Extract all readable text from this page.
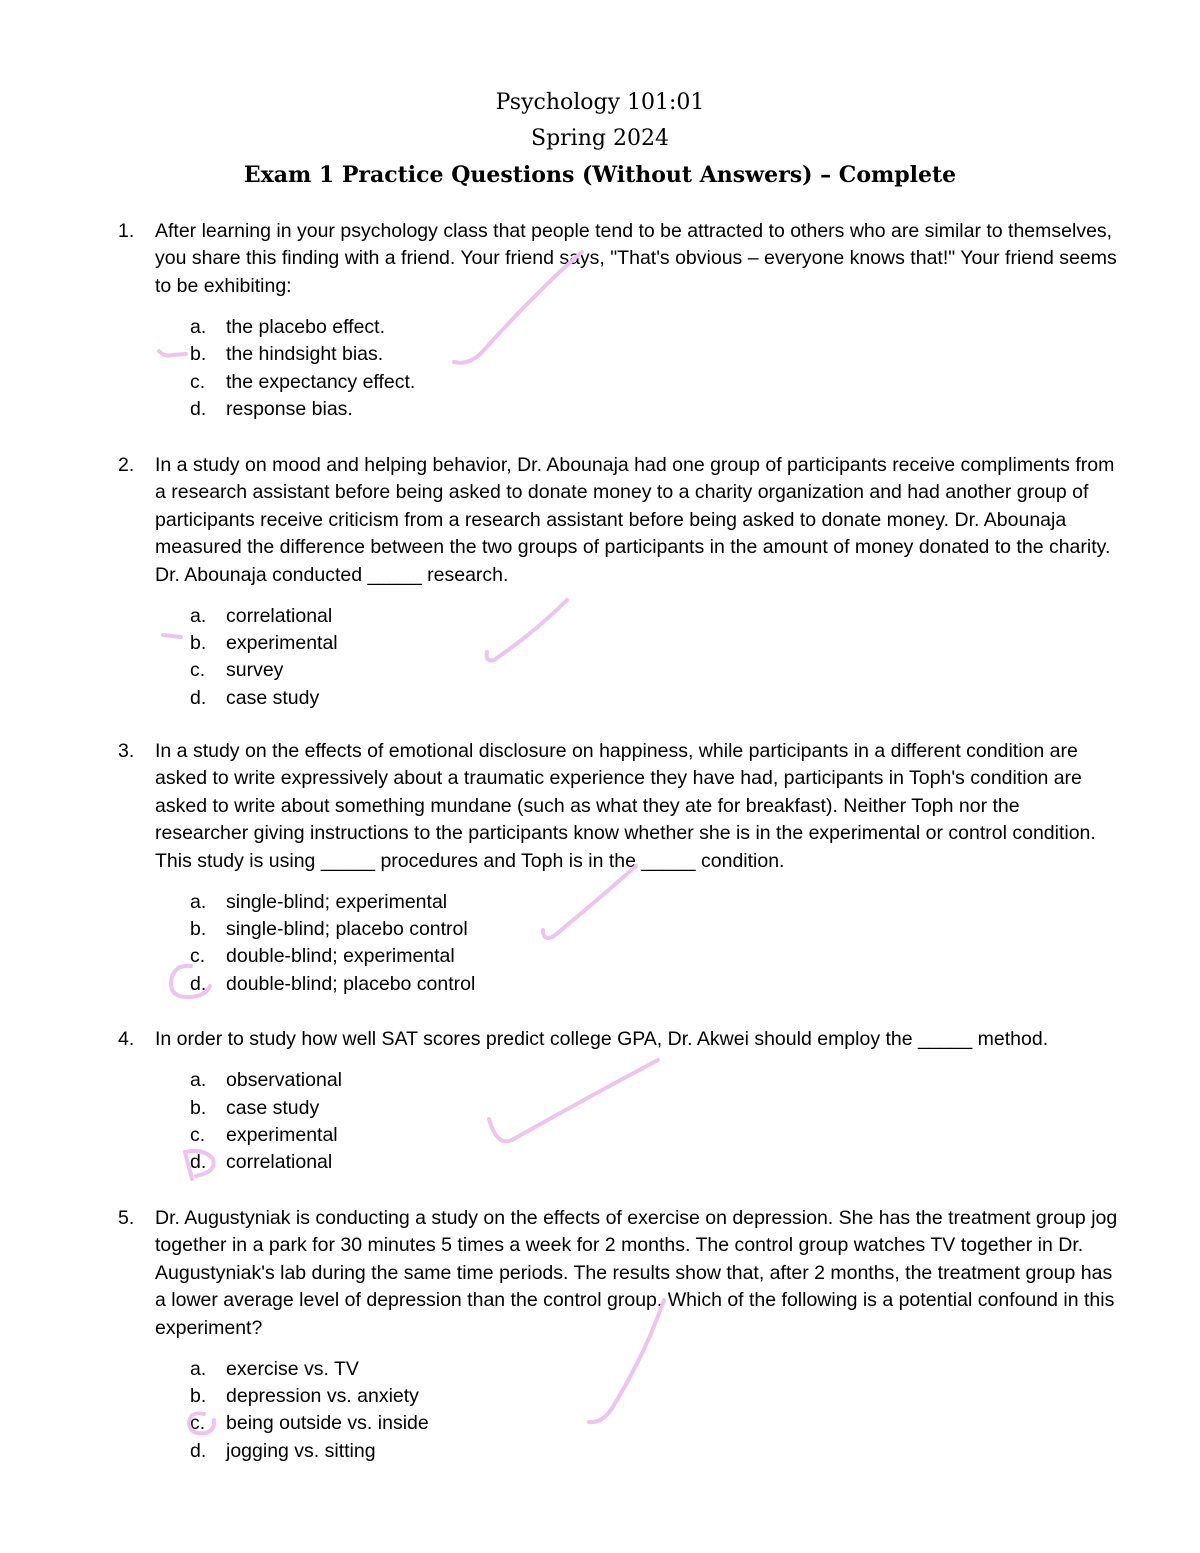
Psychology 101:01
Spring 2024
Exam 1 Practice Questions (Without Answers) – Complete
1.	After learning in your psychology class that people tend to be attracted to others who are similar to themselves, you share this finding with a friend. Your friend says, "That's obvious – everyone knows that!" Your friend seems to be exhibiting:
a. the placebo effect.
b. the hindsight bias.
c. the expectancy effect.
d. response bias.
2.	In a study on mood and helping behavior, Dr. Abounaja had one group of participants receive compliments from a research assistant before being asked to donate money to a charity organization and had another group of participants receive criticism from a research assistant before being asked to donate money. Dr. Abounaja measured the difference between the two groups of participants in the amount of money donated to the charity. Dr. Abounaja conducted _____ research.
a. correlational
b. experimental
c. survey
d. case study
3.	In a study on the effects of emotional disclosure on happiness, while participants in a different condition are asked to write expressively about a traumatic experience they have had, participants in Toph's condition are asked to write about something mundane (such as what they ate for breakfast). Neither Toph nor the researcher giving instructions to the participants know whether she is in the experimental or control condition. This study is using _____ procedures and Toph is in the _____ condition.
a. single-blind; experimental
b. single-blind; placebo control
c. double-blind; experimental
d. double-blind; placebo control
4.	In order to study how well SAT scores predict college GPA, Dr. Akwei should employ the _____ method.
a. observational
b. case study
c. experimental
d. correlational
5.	Dr. Augustyniak is conducting a study on the effects of exercise on depression. She has the treatment group jog together in a park for 30 minutes 5 times a week for 2 months. The control group watches TV together in Dr. Augustyniak's lab during the same time periods. The results show that, after 2 months, the treatment group has a lower average level of depression than the control group. Which of the following is a potential confound in this experiment?
a. exercise vs. TV
b. depression vs. anxiety
c. being outside vs. inside
d. jogging vs. sitting
